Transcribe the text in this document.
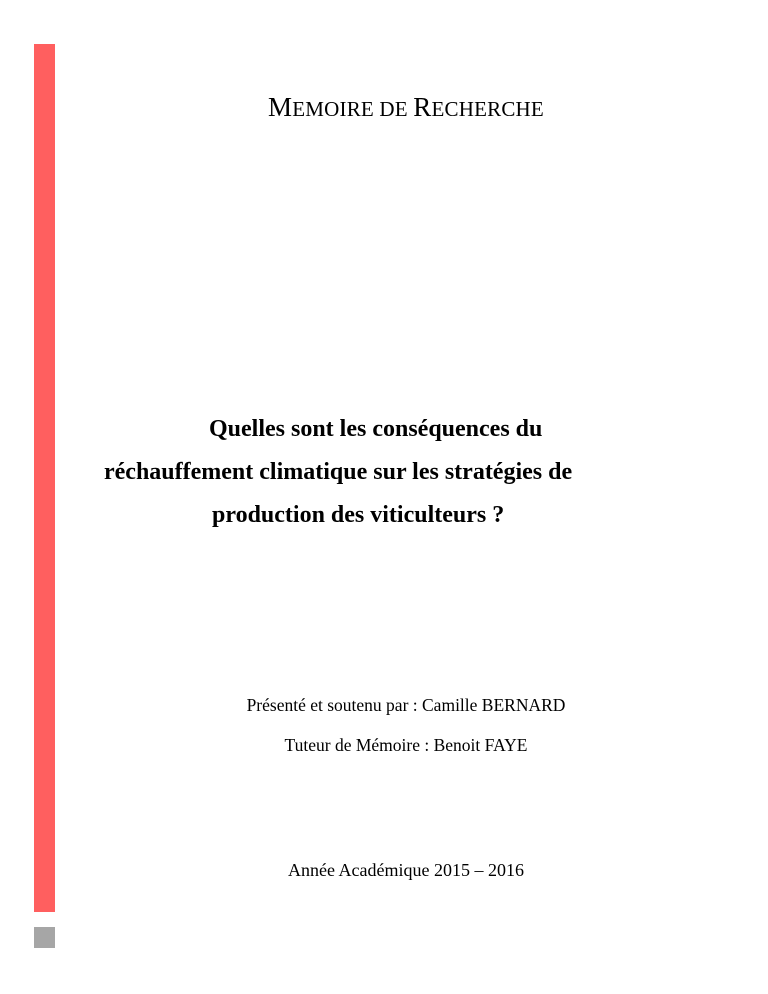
MEMOIRE DE RECHERCHE
Quelles sont les conséquences du
réchauffement climatique sur les stratégies de
production des viticulteurs ?
Présenté et soutenu par : Camille BERNARD
Tuteur de Mémoire : Benoit FAYE
Année Académique 2015 – 2016
